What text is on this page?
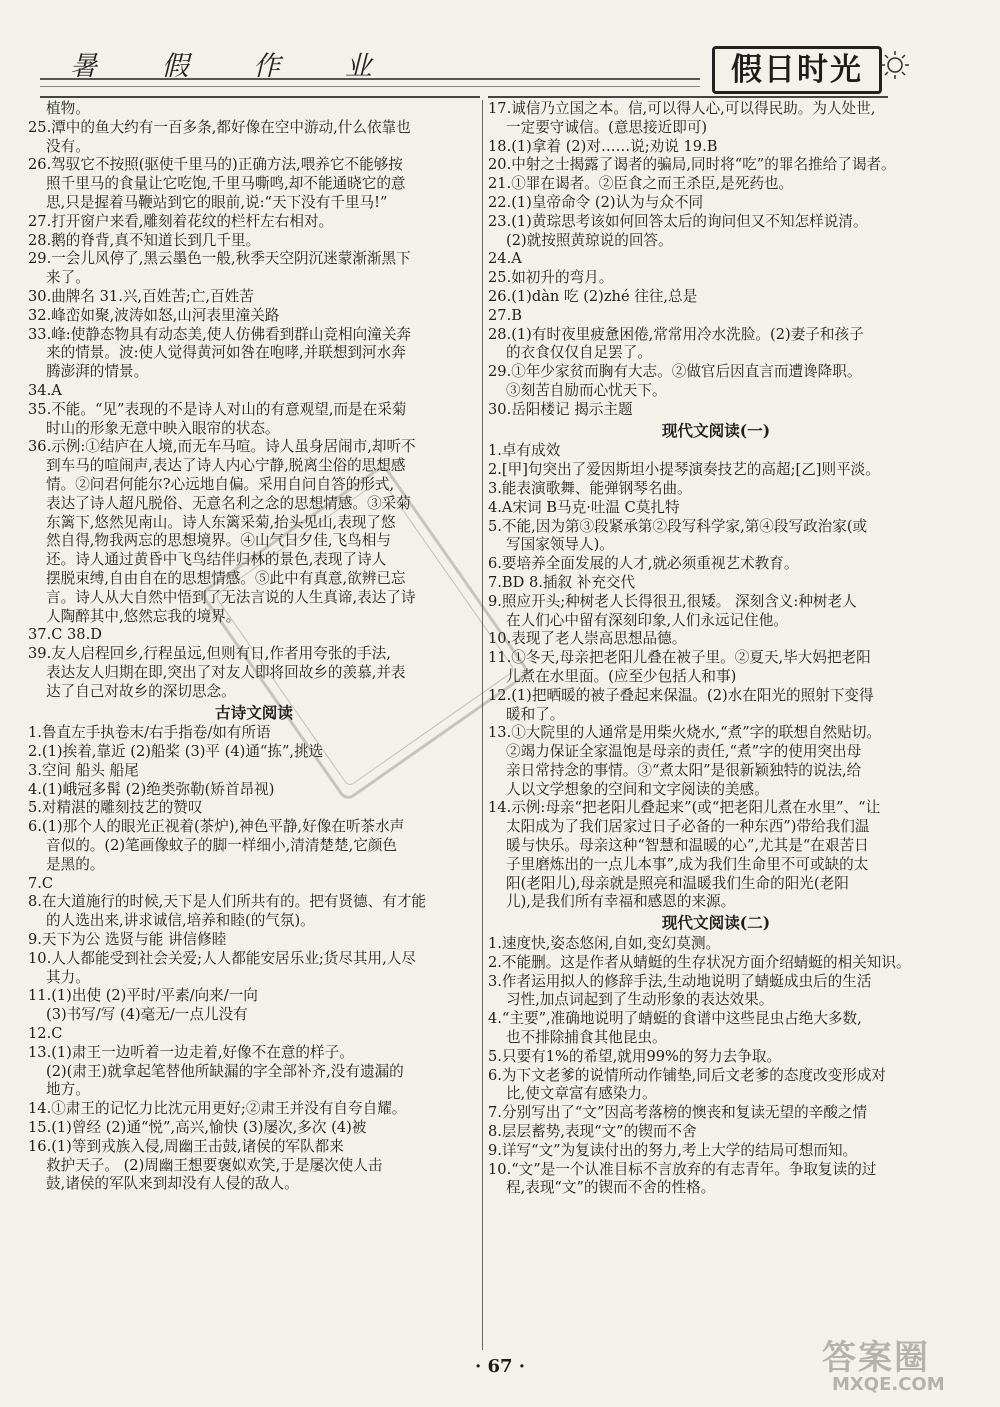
暑 假 作 业	假日时光
植物。
25.潭中的鱼大约有一百多条,都好像在空中游动,什么依靠也
没有。
26.驾驭它不按照(驱使千里马的)正确方法,喂养它不能够按
照千里马的食量让它吃饱,千里马嘶鸣,却不能通晓它的意
思,只是握着马鞭站到它的眼前,说:“天下没有千里马!”
27.打开窗户来看,雕刻着花纹的栏杆左右相对。
28.鹅的脊背,真不知道长到几千里。
29.一会儿风停了,黑云墨色一般,秋季天空阴沉迷蒙渐渐黑下
来了。
30.曲牌名 31.兴,百姓苦;亡,百姓苦
32.峰峦如聚,波涛如怒,山河表里潼关路
33.峰:使静态物具有动态美,使人仿佛看到群山竞相向潼关奔
来的情景。波:使人觉得黄河如咎在咆哮,并联想到河水奔
腾澎湃的情景。
34.A
35.不能。“见”表现的不是诗人对山的有意观望,而是在采菊
时山的形象无意中映入眼帘的状态。
36.示例:①结庐在人境,而无车马喧。诗人虽身居闹市,却听不
到车马的喧闹声,表达了诗人内心宁静,脱离尘俗的思想感
情。②问君何能尔?心远地自偏。采用自问自答的形式,
表达了诗人超凡脱俗、无意名利之念的思想情感。③采菊
东篱下,悠然见南山。诗人东篱采菊,抬头见山,表现了悠
然自得,物我两忘的思想境界。④山气日夕佳,飞鸟相与
还。诗人通过黄昏中飞鸟结伴归林的景色,表现了诗人
摆脱束缚,自由自在的思想情感。⑤此中有真意,欲辨已忘
言。诗人从大自然中悟到了无法言说的人生真谛,表达了诗
人陶醉其中,悠然忘我的境界。
37.C 38.D
39.友人启程回乡,行程虽远,但则有日,作者用夸张的手法,
表达友人归期在即,突出了对友人即将回故乡的羡慕,并表
达了自己对故乡的深切思念。
古诗文阅读
1.鲁直左手执卷末/右手指卷/如有所语
2.(1)挨着,靠近 (2)船桨 (3)平 (4)通“拣”,挑选
3.空间 船头 船尾
4.(1)峨冠多髯 (2)绝类弥勒(矫首昂视)
5.对精湛的雕刻技艺的赞叹
6.(1)那个人的眼光正视着(茶炉),神色平静,好像在听茶水声
音似的。(2)笔画像蚊子的脚一样细小,清清楚楚,它颜色
是黑的。
7.C
8.在大道施行的时候,天下是人们所共有的。把有贤德、有才能
的人选出来,讲求诚信,培养和睦(的气氛)。
9.天下为公 选贤与能 讲信修睦
10.人人都能受到社会关爱;人人都能安居乐业;货尽其用,人尽
其力。
11.(1)出使 (2)平时/平素/向来/一向
(3)书写/写 (4)毫无/一点儿没有
12.C
13.(1)肃王一边听着一边走着,好像不在意的样子。
(2)(肃王)就拿起笔替他所缺漏的字全部补齐,没有遗漏的
地方。
14.①肃王的记忆力比沈元用更好;②肃王并没有自夸自耀。
15.(1)曾经 (2)通“悦”,高兴,愉快 (3)屡次,多次 (4)被
16.(1)等到戎族入侵,周幽王击鼓,诸侯的军队都来
救护天子。 (2)周幽王想要褒姒欢笑,于是屡次使人击
鼓,诸侯的军队来到却没有人侵的敌人。
17.诚信乃立国之本。信,可以得人心,可以得民助。为人处世,
一定要守诚信。(意思接近即可)
18.(1)拿着 (2)对……说;劝说 19.B
20.中射之士揭露了谒者的骗局,同时将“吃”的罪名推给了谒者。
21.①罪在谒者。②臣食之而王杀臣,是死药也。
22.(1)皇帝命令 (2)认为与众不同
23.(1)黄琮思考该如何回答太后的询问但又不知怎样说清。
(2)就按照黄琼说的回答。
24.A
25.如初升的弯月。
26.(1)dàn 吃 (2)zhé 往往,总是
27.B
28.(1)有时夜里疲惫困倦,常常用冷水洗脸。(2)妻子和孩子
的衣食仅仅自足罢了。
29.①年少家贫而胸有大志。②做官后因直言而遭谗降职。
③刻苦自励而心忧天下。
30.岳阳楼记 揭示主题
现代文阅读(一)
1.卓有成效
2.[甲]句突出了爱因斯坦小提琴演奏技艺的高超;[乙]则平淡。
3.能表演歌舞、能弹钢琴名曲。
4.A宋词 B马克·吐温 C莫扎特
5.不能,因为第③段紧承第②段写科学家,第④段写政治家(或
写国家领导人)。
6.要培养全面发展的人才,就必须重视艺术教育。
7.BD 8.插叙 补充交代
9.照应开头;种树老人长得很丑,很矮。 深刻含义:种树老人
在人们心中留有深刻印象,人们永远记住他。
10.表现了老人崇高思想品德。
11.①冬天,母亲把老阳儿叠在被子里。②夏天,毕大妈把老阳
儿煮在水里面。(应至少包括人和事)
12.(1)把晒暖的被子叠起来保温。(2)水在阳光的照射下变得
暖和了。
13.①大院里的人通常是用柴火烧水,“煮”字的联想自然贴切。
②竭力保证全家温饱是母亲的责任,“煮”字的使用突出母
亲日常持念的事情。③“煮太阳”是很新颖独特的说法,给
人以文学想象的空间和文字阅读的美感。
14.示例:母亲“把老阳儿叠起来”(或“把老阳儿煮在水里”、“让
太阳成为了我们居家过日子必备的一种东西”)带给我们温
暖与快乐。母亲这种“智慧和温暖的心”,尤其是“在艰苦日
子里磨炼出的一点儿本事”,成为我们生命里不可或缺的太
阳(老阳儿),母亲就是照亮和温暖我们生命的阳光(老阳
儿),是我们所有幸福和感恩的来源。
现代文阅读(二)
1.速度快,姿态悠闲,自如,变幻莫测。
2.不能删。这是作者从蜻蜓的生存状况方面介绍蜻蜓的相关知识。
3.作者运用拟人的修辞手法,生动地说明了蜻蜓成虫后的生活
习性,加点词起到了生动形象的表达效果。
4.“主要”,准确地说明了蜻蜓的食谱中这些昆虫占绝大多数,
也不排除捕食其他昆虫。
5.只要有1%的希望,就用99%的努力去争取。
6.为下文老爹的说情所动作铺垫,同后文老爹的态度改变形成对
比,使文章富有感染力。
7.分别写出了“文”因高考落榜的懊丧和复读无望的辛酸之情
8.层层蓄势,表现“文”的锲而不舍
9.详写“文”为复读付出的努力,考上大学的结局可想而知。
10.“文”是一个认准目标不言放弃的有志青年。争取复读的过
程,表现“文”的锲而不舍的性格。
· 67 ·	答案圈
MXQE.COM
